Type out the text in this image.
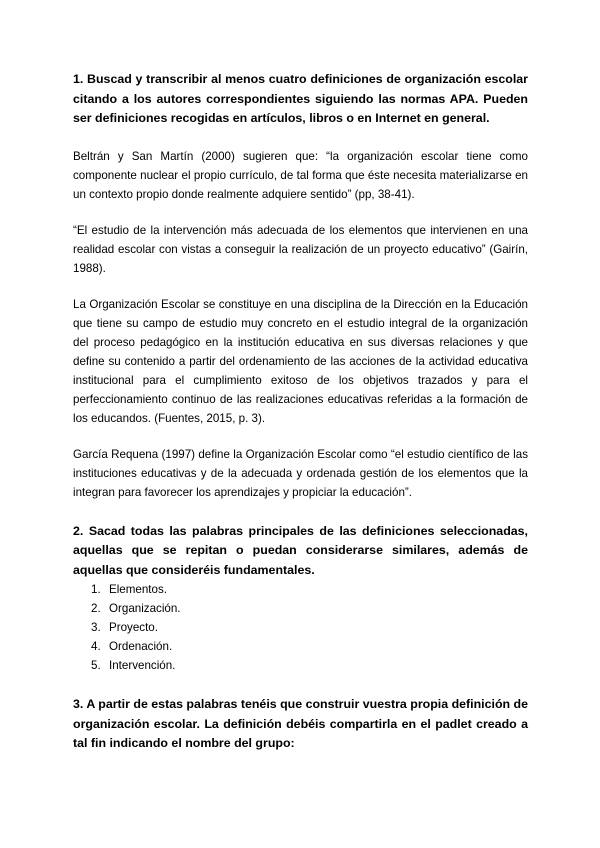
1. Buscad y transcribir al menos cuatro definiciones de organización escolar citando a los autores correspondientes siguiendo las normas APA. Pueden ser definiciones recogidas en artículos, libros o en Internet en general.

Beltrán y San Martín (2000) sugieren que: “la organización escolar tiene como componente nuclear el propio currículo, de tal forma que éste necesita materializarse en un contexto propio donde realmente adquiere sentido” (pp, 38-41).

“El estudio de la intervención más adecuada de los elementos que intervienen en una realidad escolar con vistas a conseguir la realización de un proyecto educativo” (Gairín, 1988).

La Organización Escolar se constituye en una disciplina de la Dirección en la Educación que tiene su campo de estudio muy concreto en el estudio integral de la organización del proceso pedagógico en la institución educativa en sus diversas relaciones y que define su contenido a partir del ordenamiento de las acciones de la actividad educativa institucional para el cumplimiento exitoso de los objetivos trazados y para el perfeccionamiento continuo de las realizaciones educativas referidas a la formación de los educandos. (Fuentes, 2015, p. 3).

García Requena (1997) define la Organización Escolar como “el estudio científico de las instituciones educativas y de la adecuada y ordenada gestión de los elementos que la integran para favorecer los aprendizajes y propiciar la educación”.

2. Sacad todas las palabras principales de las definiciones seleccionadas, aquellas que se repitan o puedan considerarse similares, además de aquellas que consideréis fundamentales.

1. Elementos.
2. Organización.
3. Proyecto.
4. Ordenación.
5. Intervención.

3. A partir de estas palabras tenéis que construir vuestra propia definición de organización escolar. La definición debéis compartirla en el padlet creado a tal fin indicando el nombre del grupo:
